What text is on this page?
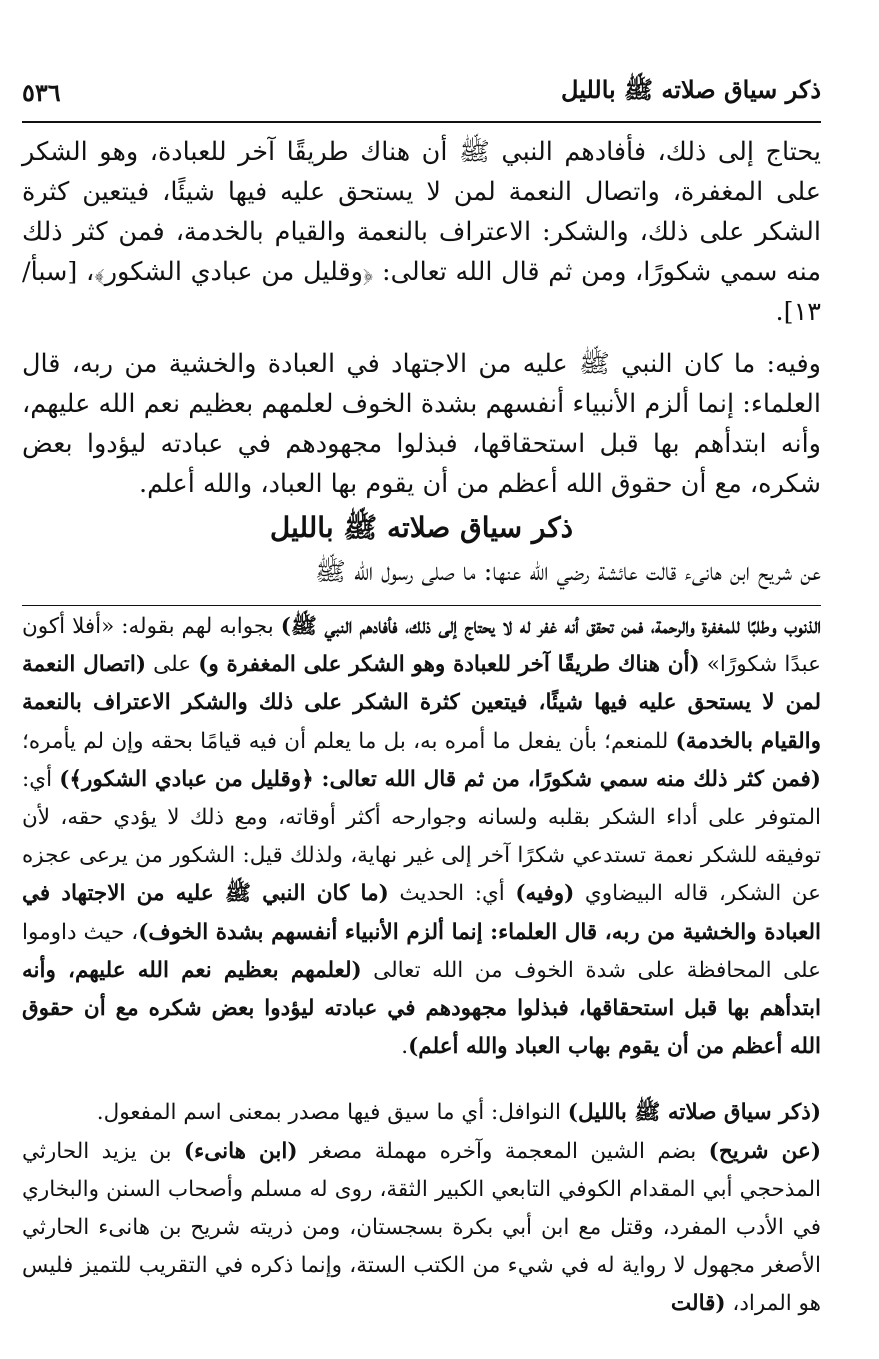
ذكر سياق صلاته ﷺ بالليل
٥٣٦

يحتاج إلى ذلك، فأفادهم النبي ﷺ أن هناك طريقًا آخر للعبادة، وهو الشكر على المغفرة، واتصال النعمة لمن لا يستحق عليه فيها شيئًا، فيتعين كثرة الشكر على ذلك، والشكر: الاعتراف بالنعمة والقيام بالخدمة، فمن كثر ذلك منه سمي شكورًا، ومن ثم قال الله تعالى: ﴿وقليل من عبادي الشكور﴾، [سبأ/١٣].

وفيه: ما كان النبي ﷺ عليه من الاجتهاد في العبادة والخشية من ربه، قال العلماء: إنما ألزم الأنبياء أنفسهم بشدة الخوف لعلمهم بعظيم نعم الله عليهم، وأنه ابتدأهم بها قبل استحقاقها، فبذلوا مجهودهم في عبادته ليؤدوا بعض شكره، مع أن حقوق الله أعظم من أن يقوم بها العباد، والله أعلم.

ذكر سياق صلاته ﷺ بالليل

عن شريح ابن هانىء قالت عائشة رضي الله عنها: ما صلى رسول الله ﷺ

الذنوب وطلبًا للمغفرة والرحمة، فمن تحقق أنه غفر له لا يحتاج إلى ذلك، فأفادهم النبي ﷺ) بجوابه لهم بقوله: «أفلا أكون عبدًا شكورًا» (أن هناك طريقًا آخر للعبادة وهو الشكر على المغفرة و) على (اتصال النعمة لمن لا يستحق عليه فيها شيئًا، فيتعين كثرة الشكر على ذلك والشكر الاعتراف بالنعمة والقيام بالخدمة) للمنعم؛ بأن يفعل ما أمره به، بل ما يعلم أن فيه قيامًا بحقه وإن لم يأمره؛ (فمن كثر ذلك منه سمي شكورًا، من ثم قال الله تعالى: ﴿وقليل من عبادي الشكور﴾) أي: المتوفر على أداء الشكر بقلبه ولسانه وجوارحه أكثر أوقاته، ومع ذلك لا يؤدي حقه، لأن توفيقه للشكر نعمة تستدعي شكرًا آخر إلى غير نهاية، ولذلك قيل: الشكور من يرعى عجزه عن الشكر، قاله البيضاوي (وفيه) أي: الحديث (ما كان النبي ﷺ عليه من الاجتهاد في العبادة والخشية من ربه، قال العلماء: إنما ألزم الأنبياء أنفسهم بشدة الخوف)، حيث داوموا على المحافظة على شدة الخوف من الله تعالى (لعلمهم بعظيم نعم الله عليهم، وأنه ابتدأهم بها قبل استحقاقها، فبذلوا مجهودهم في عبادته ليؤدوا بعض شكره مع أن حقوق الله أعظم من أن يقوم بهاب العباد والله أعلم).

(ذكر سياق صلاته ﷺ بالليل) النوافل: أي ما سيق فيها مصدر بمعنى اسم المفعول.

(عن شريح) بضم الشين المعجمة وآخره مهملة مصغر (ابن هانىء) بن يزيد الحارثي المذحجي أبي المقدام الكوفي التابعي الكبير الثقة، روى له مسلم وأصحاب السنن والبخاري في الأدب المفرد، وقتل مع ابن أبي بكرة بسجستان، ومن ذريته شريح بن هانىء الحارثي الأصغر مجهول لا رواية له في شيء من الكتب الستة، وإنما ذكره في التقريب للتميز فليس هو المراد، (قالت
